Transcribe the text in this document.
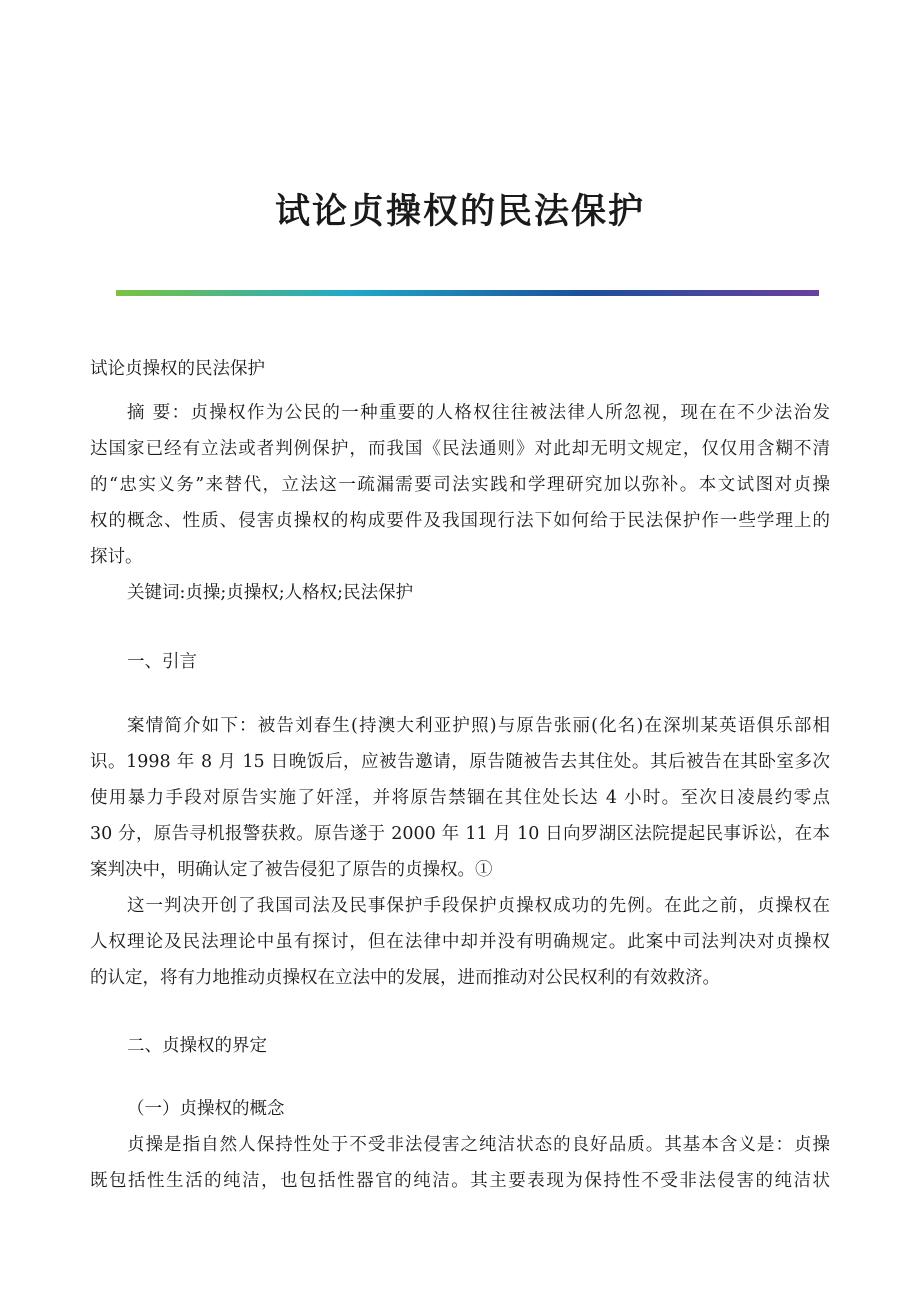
试论贞操权的民法保护
试论贞操权的民法保护
摘 要：贞操权作为公民的一种重要的人格权往往被法律人所忽视，现在在不少法治发
达国家已经有立法或者判例保护，而我国《民法通则》对此却无明文规定，仅仅用含糊不清
的“忠实义务”来替代，立法这一疏漏需要司法实践和学理研究加以弥补。本文试图对贞操
权的概念、性质、侵害贞操权的构成要件及我国现行法下如何给于民法保护作一些学理上的
探讨。
关键词:贞操;贞操权;人格权;民法保护
一、引言
案情简介如下：被告刘春生(持澳大利亚护照)与原告张丽(化名)在深圳某英语俱乐部相
识。1998 年 8 月 15 日晚饭后，应被告邀请，原告随被告去其住处。其后被告在其卧室多次
使用暴力手段对原告实施了奸淫，并将原告禁锢在其住处长达 4 小时。至次日凌晨约零点
30 分，原告寻机报警获救。原告遂于 2000 年 11 月 10 日向罗湖区法院提起民事诉讼，在本
案判决中，明确认定了被告侵犯了原告的贞操权。①
这一判决开创了我国司法及民事保护手段保护贞操权成功的先例。在此之前，贞操权在
人权理论及民法理论中虽有探讨，但在法律中却并没有明确规定。此案中司法判决对贞操权
的认定，将有力地推动贞操权在立法中的发展，进而推动对公民权利的有效救济。
二、贞操权的界定
（一）贞操权的概念
贞操是指自然人保持性处于不受非法侵害之纯洁状态的良好品质。其基本含义是：贞操
既包括性生活的纯洁，也包括性器官的纯洁。其主要表现为保持性不受非法侵害的纯洁状
